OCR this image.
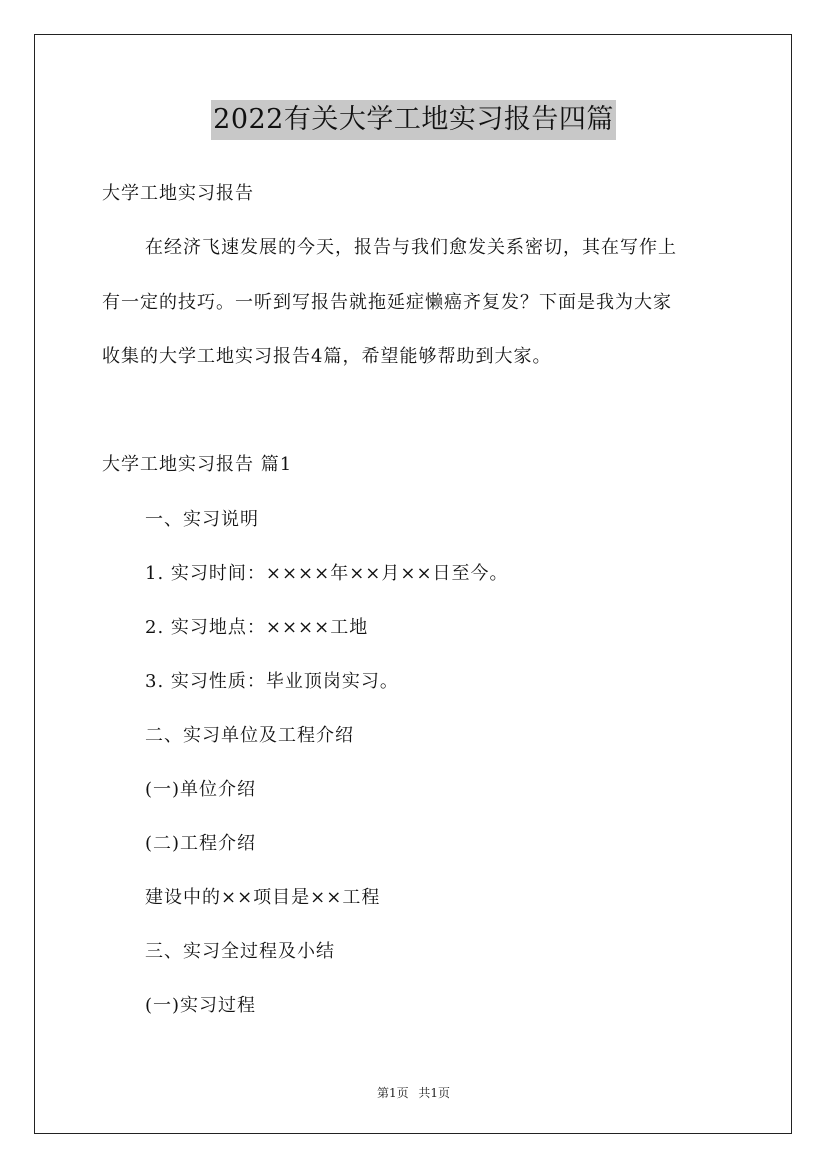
2022有关大学工地实习报告四篇
大学工地实习报告
在经济飞速发展的今天，报告与我们愈发关系密切，其在写作上
有一定的技巧。一听到写报告就拖延症懒癌齐复发？下面是我为大家
收集的大学工地实习报告4篇，希望能够帮助到大家。
大学工地实习报告 篇1
一、实习说明
1. 实习时间：××××年××月××日至今。
2. 实习地点：××××工地
3. 实习性质：毕业顶岗实习。
二、实习单位及工程介绍
(一)单位介绍
(二)工程介绍
建设中的××项目是××工程
三、实习全过程及小结
(一)实习过程
第1页 共1页
